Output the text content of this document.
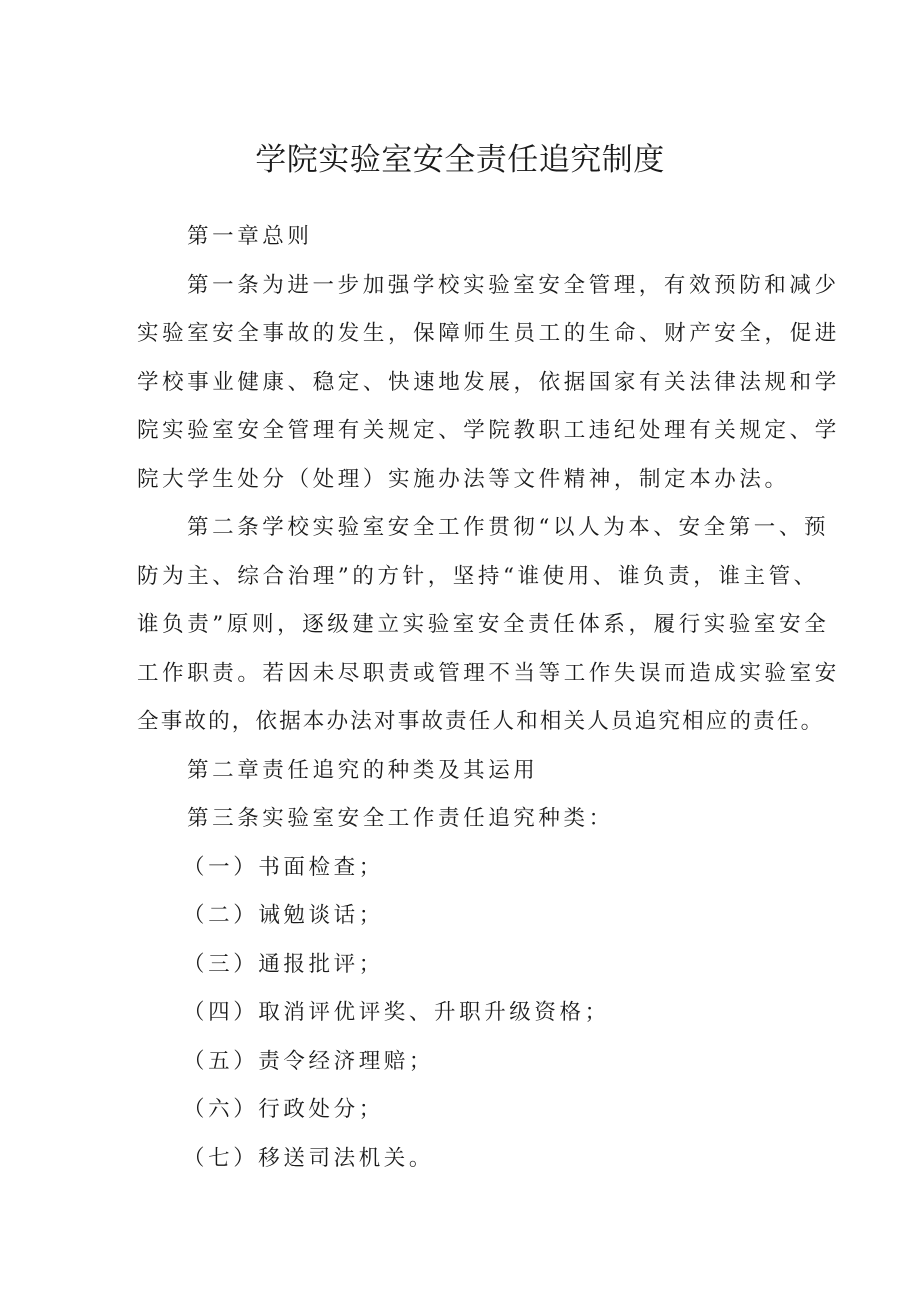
学院实验室安全责任追究制度
第一章总则
第一条为进一步加强学校实验室安全管理，有效预防和减少
实验室安全事故的发生，保障师生员工的生命、财产安全，促进
学校事业健康、稳定、快速地发展，依据国家有关法律法规和学
院实验室安全管理有关规定、学院教职工违纪处理有关规定、学
院大学生处分（处理）实施办法等文件精神，制定本办法。
第二条学校实验室安全工作贯彻“以人为本、安全第一、预
防为主、综合治理”的方针，坚持“谁使用、谁负责，谁主管、
谁负责”原则，逐级建立实验室安全责任体系，履行实验室安全
工作职责。若因未尽职责或管理不当等工作失误而造成实验室安
全事故的，依据本办法对事故责任人和相关人员追究相应的责任。
第二章责任追究的种类及其运用
第三条实验室安全工作责任追究种类：
（一）书面检查；
（二）诫勉谈话；
（三）通报批评；
（四）取消评优评奖、升职升级资格；
（五）责令经济理赔；
（六）行政处分；
（七）移送司法机关。
